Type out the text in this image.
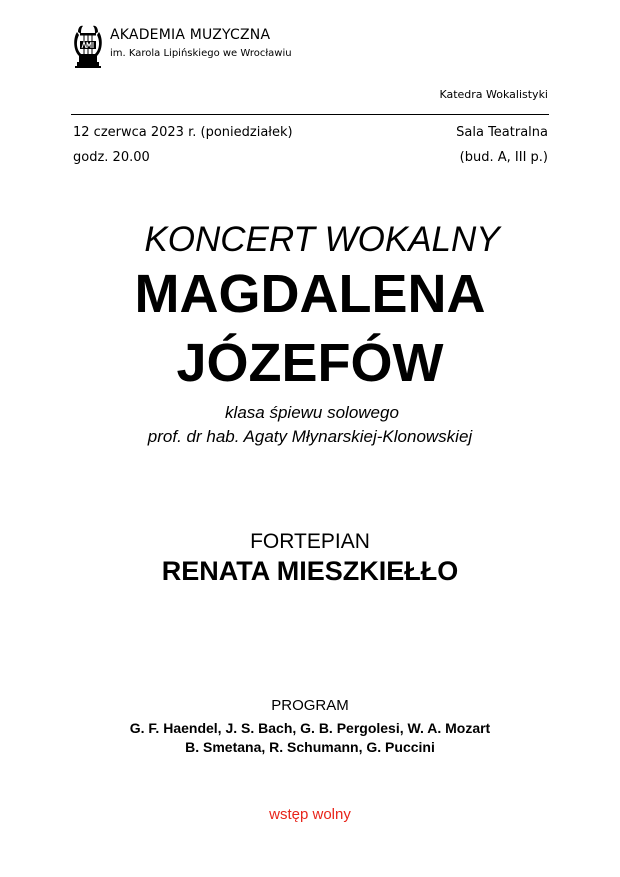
AKADEMIA MUZYCZNA
im. Karola Lipińskiego we Wrocławiu
Katedra Wokalistyki
12 czerwca 2023 r. (poniedziałek)
godz. 20.00
Sala Teatralna
(bud. A, III p.)
KONCERT WOKALNY
MAGDALENA
JÓZEFÓW
klasa śpiewu solowego
prof. dr hab. Agaty Młynarskiej-Klonowskiej
FORTEPIAN
RENATA MIESZKIEŁŁO
PROGRAM
G. F. Haendel, J. S. Bach, G. B. Pergolesi, W. A. Mozart
B. Smetana, R. Schumann, G. Puccini
wstęp wolny
